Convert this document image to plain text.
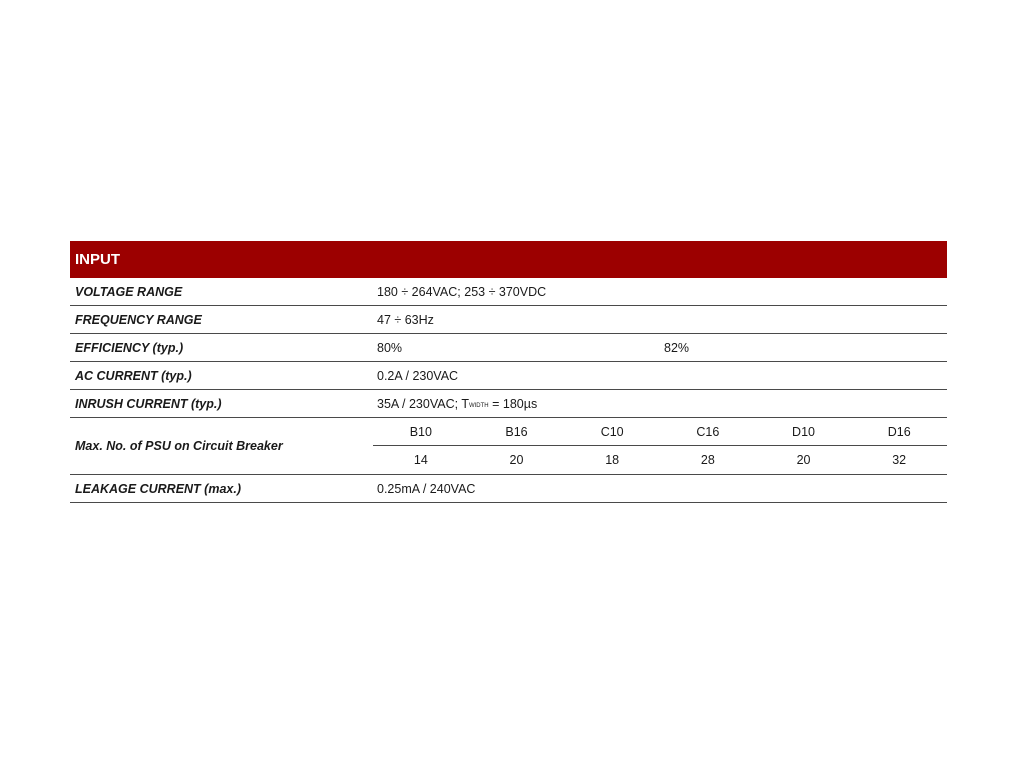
INPUT
VOLTAGE RANGE	180 ÷ 264VAC; 253 ÷ 370VDC
FREQUENCY RANGE	47 ÷ 63Hz
EFFICIENCY (typ.)	80%	82%
AC CURRENT (typ.)	0.2A / 230VAC
INRUSH CURRENT (typ.)	35A / 230VAC; T WIDTH = 180µs
Max. No. of PSU on Circuit Breaker
B10	B16	C10	C16	D10	D16
14	20	18	28	20	32
LEAKAGE CURRENT (max.)	0.25mA / 240VAC
